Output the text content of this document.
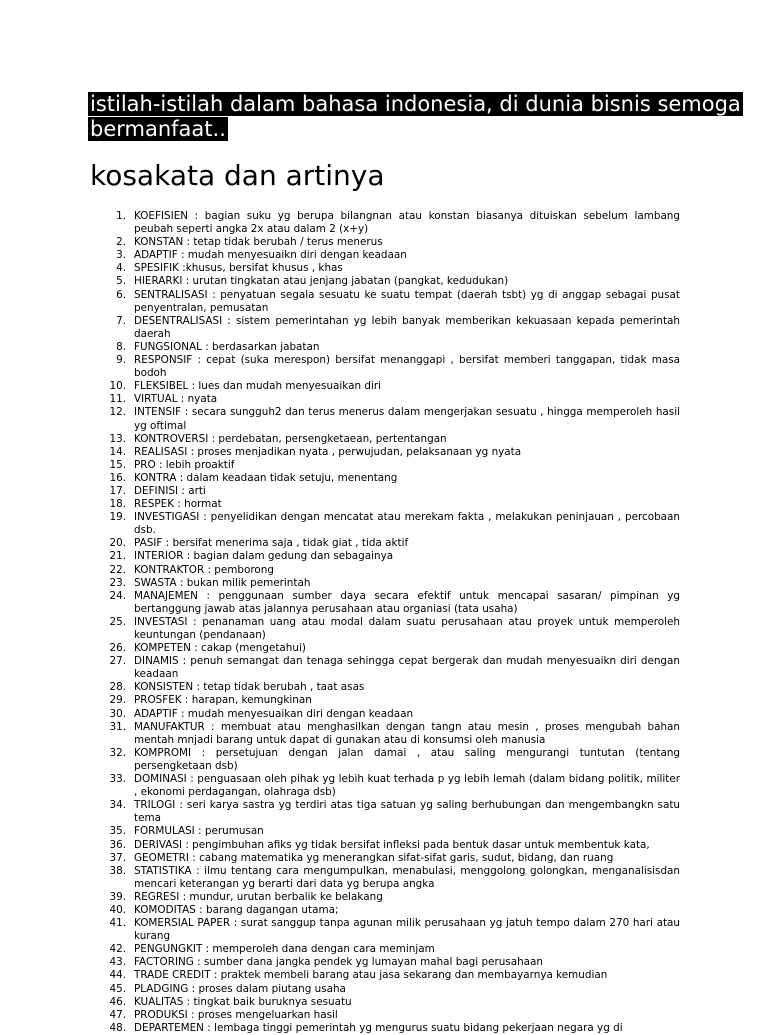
istilah-istilah dalam bahasa indonesia, di dunia bisnis semoga bermanfaat..
kosakata dan artinya
1. KOEFISIEN : bagian suku yg berupa bilangnan atau konstan biasanya dituiskan sebelum lambang peubah seperti angka 2x atau dalam 2 (x+y)
2. KONSTAN : tetap tidak berubah / terus menerus
3. ADAPTIF : mudah menyesuaikn diri dengan keadaan
4. SPESIFIK :khusus, bersifat khusus , khas
5. HIERARKI : urutan tingkatan atau jenjang jabatan (pangkat, kedudukan)
6. SENTRALISASI : penyatuan segala sesuatu ke suatu tempat (daerah tsbt) yg di anggap sebagai pusat penyentralan, pemusatan
7. DESENTRALISASI : sistem pemerintahan yg lebih banyak memberikan kekuasaan kepada pemerintah daerah
8. FUNGSIONAL : berdasarkan jabatan
9. RESPONSIF : cepat (suka merespon) bersifat menanggapi , bersifat memberi tanggapan, tidak masa bodoh
10. FLEKSIBEL : lues dan mudah menyesuaikan diri
11. VIRTUAL : nyata
12. INTENSIF : secara sungguh2 dan terus menerus dalam mengerjakan sesuatu , hingga memperoleh hasil yg oftimal
13. KONTROVERSI : perdebatan, persengketaean, pertentangan
14. REALISASI : proses menjadikan nyata , perwujudan, pelaksanaan yg nyata
15. PRO : lebih proaktif
16. KONTRA : dalam keadaan tidak setuju, menentang
17. DEFINISI : arti
18. RESPEK : hormat
19. INVESTIGASI : penyelidikan dengan mencatat atau merekam fakta , melakukan peninjauan , percobaan dsb.
20. PASIF : bersifat menerima saja , tidak giat , tida aktif
21. INTERIOR : bagian dalam gedung dan sebagainya
22. KONTRAKTOR : pemborong
23. SWASTA : bukan milik pemerintah
24. MANAJEMEN : penggunaan sumber daya secara efektif untuk mencapai sasaran/ pimpinan yg bertanggung jawab atas jalannya perusahaan atau organiasi (tata usaha)
25. INVESTASI : penanaman uang atau modal dalam suatu perusahaan atau proyek untuk memperoleh keuntungan (pendanaan)
26. KOMPETEN : cakap (mengetahui)
27. DINAMIS : penuh semangat dan tenaga sehingga cepat bergerak dan mudah menyesuaikn diri dengan keadaan
28. KONSISTEN : tetap tidak berubah , taat asas
29. PROSFEK : harapan, kemungkinan
30. ADAPTIF : mudah menyesuaikan diri dengan keadaan
31. MANUFAKTUR : membuat atau menghasilkan dengan tangn atau mesin , proses mengubah bahan mentah mnjadi barang untuk dapat di gunakan atau di konsumsi oleh manusia
32. KOMPROMI : persetujuan dengan jalan damai , atau saling mengurangi tuntutan (tentang persengketaan dsb)
33. DOMINASI : penguasaan oleh pihak yg lebih kuat terhada p yg lebih lemah (dalam bidang politik, militer , ekonomi perdagangan, olahraga dsb)
34. TRILOGI : seri karya sastra yg terdiri atas tiga satuan yg saling berhubungan dan mengembangkn satu tema
35. FORMULASI : perumusan
36. DERIVASI : pengimbuhan afiks yg tidak bersifat infleksi pada bentuk dasar untuk membentuk kata,
37. GEOMETRI : cabang matematika yg menerangkan sifat-sifat garis, sudut, bidang, dan ruang
38. STATISTIKA : ilmu tentang cara mengumpulkan, menabulasi, menggolong golongkan, menganalisisdan mencari keterangan yg berarti dari data yg berupa angka
39. REGRESI : mundur, urutan berbalik ke belakang
40. KOMODITAS : barang dagangan utama;
41. KOMERSIAL PAPER : surat sanggup tanpa agunan milik perusahaan yg jatuh tempo dalam 270 hari atau kurang
42. PENGUNGKIT : memperoleh dana dengan cara meminjam
43. FACTORING : sumber dana jangka pendek yg lumayan mahal bagi perusahaan
44. TRADE CREDIT : praktek membeli barang atau jasa sekarang dan membayarnya kemudian
45. PLADGING : proses dalam piutang usaha
46. KUALITAS : tingkat baik buruknya sesuatu
47. PRODUKSI : proses mengeluarkan hasil
48. DEPARTEMEN : lembaga tinggi pemerintah yg mengurus suatu bidang pekerjaan negara yg di
